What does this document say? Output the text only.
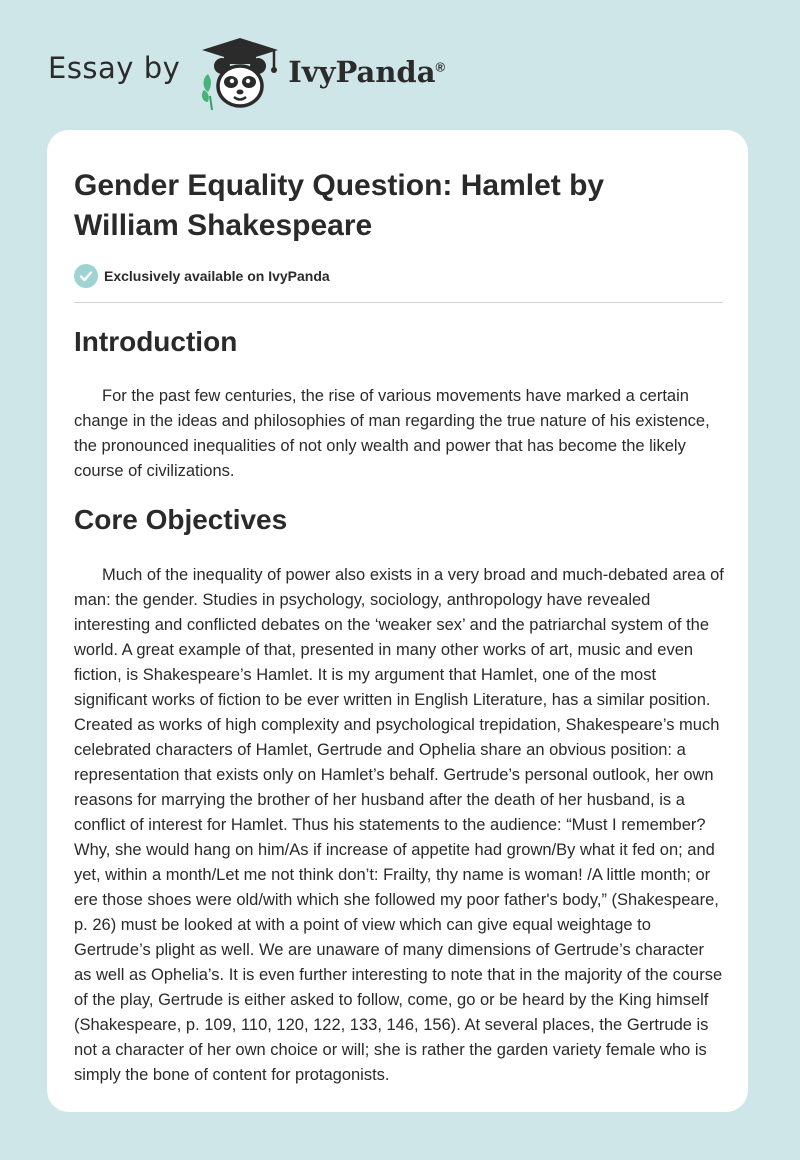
Essay by	IvyPanda®
Gender Equality Question: Hamlet by William Shakespeare
Exclusively available on IvyPanda
Introduction

For the past few centuries, the rise of various movements have marked a certain change in the ideas and philosophies of man regarding the true nature of his existence, the pronounced inequalities of not only wealth and power that has become the likely course of civilizations.

Core Objectives

Much of the inequality of power also exists in a very broad and much-debated area of man: the gender. Studies in psychology, sociology, anthropology have revealed interesting and conflicted debates on the ‘weaker sex’ and the patriarchal system of the world. A great example of that, presented in many other works of art, music and even fiction, is Shakespeare’s Hamlet. It is my argument that Hamlet, one of the most significant works of fiction to be ever written in English Literature, has a similar position. Created as works of high complexity and psychological trepidation, Shakespeare’s much celebrated characters of Hamlet, Gertrude and Ophelia share an obvious position: a representation that exists only on Hamlet’s behalf. Gertrude’s personal outlook, her own reasons for marrying the brother of her husband after the death of her husband, is a conflict of interest for Hamlet. Thus his statements to the audience: “Must I remember? Why, she would hang on him/As if increase of appetite had grown/By what it fed on; and yet, within a month/Let me not think don’t: Frailty, thy name is woman! /A little month; or ere those shoes were old/with which she followed my poor father's body,” (Shakespeare, p. 26) must be looked at with a point of view which can give equal weightage to Gertrude’s plight as well. We are unaware of many dimensions of Gertrude’s character as well as Ophelia’s. It is even further interesting to note that in the majority of the course of the play, Gertrude is either asked to follow, come, go or be heard by the King himself (Shakespeare, p. 109, 110, 120, 122, 133, 146, 156). At several places, the Gertrude is not a character of her own choice or will; she is rather the garden variety female who is simply the bone of content for protagonists.
